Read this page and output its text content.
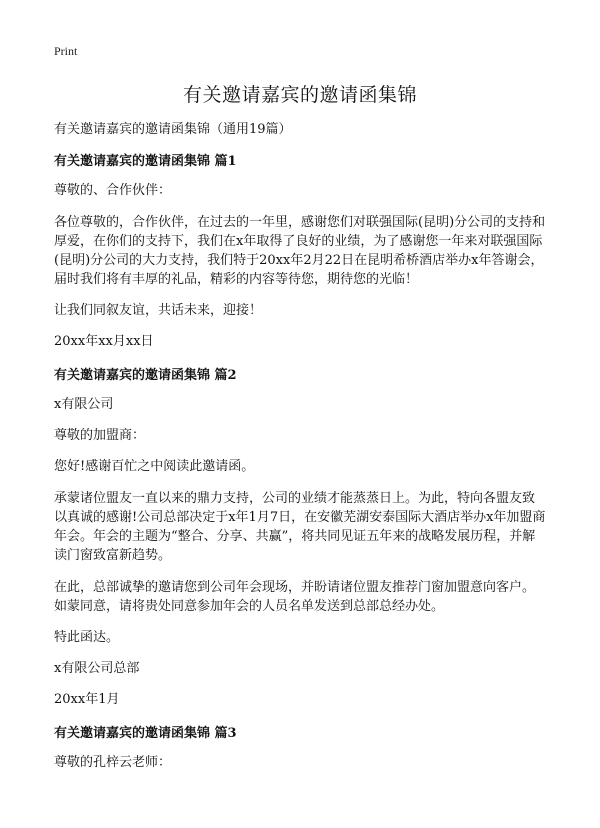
Print
有关邀请嘉宾的邀请函集锦
有关邀请嘉宾的邀请函集锦（通用19篇）
有关邀请嘉宾的邀请函集锦 篇1
尊敬的、合作伙伴：
各位尊敬的，合作伙伴，在过去的一年里，感谢您们对联强国际(昆明)分公司的支持和厚爱，在你们的支持下，我们在x年取得了良好的业绩，为了感谢您一年来对联强国际(昆明)分公司的大力支持，我们特于20xx年2月22日在昆明希桥酒店举办x年答谢会，届时我们将有丰厚的礼品，精彩的内容等待您，期待您的光临！
让我们同叙友谊，共话未来，迎接！
20xx年xx月xx日
有关邀请嘉宾的邀请函集锦 篇2
x有限公司
尊敬的加盟商：
您好!感谢百忙之中阅读此邀请函。
承蒙诸位盟友一直以来的鼎力支持，公司的业绩才能蒸蒸日上。为此，特向各盟友致以真诚的感谢!公司总部决定于x年1月7日，在安徽芜湖安泰国际大酒店举办x年加盟商年会。年会的主题为“整合、分享、共赢”，将共同见证五年来的战略发展历程，并解读门窗致富新趋势。
在此，总部诚挚的邀请您到公司年会现场，并盼请诸位盟友推荐门窗加盟意向客户。如蒙同意，请将贵处同意参加年会的人员名单发送到总部总经办处。
特此函达。
x有限公司总部
20xx年1月
有关邀请嘉宾的邀请函集锦 篇3
尊敬的孔梓云老师：
